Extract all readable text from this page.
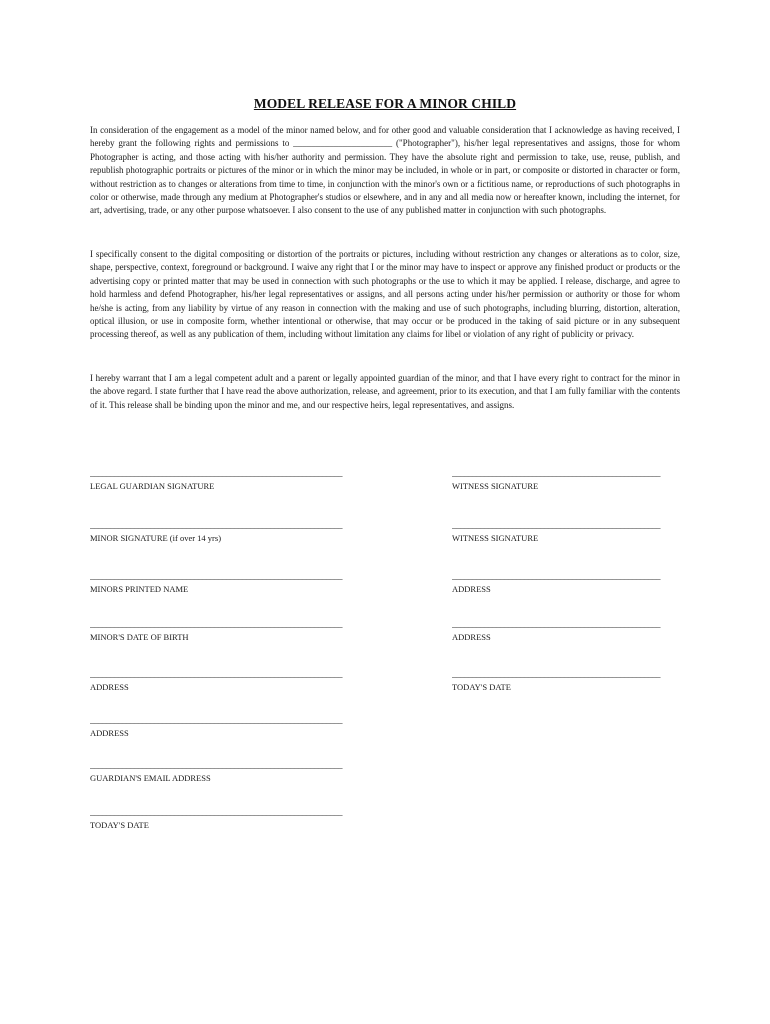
MODEL RELEASE FOR A MINOR CHILD

In consideration of the engagement as a model of the minor named below, and for other good and valuable consideration that I acknowledge as having received, I hereby grant the following rights and permissions to ______________________ ("Photographer"), his/her legal representatives and assigns, those for whom Photographer is acting, and those acting with his/her authority and permission. They have the absolute right and permission to take, use, reuse, publish, and republish photographic portraits or pictures of the minor or in which the minor may be included, in whole or in part, or composite or distorted in character or form, without restriction as to changes or alterations from time to time, in conjunction with the minor's own or a fictitious name, or reproductions of such photographs in color or otherwise, made through any medium at Photographer's studios or elsewhere, and in any and all media now or hereafter known, including the internet, for art, advertising, trade, or any other purpose whatsoever. I also consent to the use of any published matter in conjunction with such photographs.

I specifically consent to the digital compositing or distortion of the portraits or pictures, including without restriction any changes or alterations as to color, size, shape, perspective, context, foreground or background. I waive any right that I or the minor may have to inspect or approve any finished product or products or the advertising copy or printed matter that may be used in connection with such photographs or the use to which it may be applied. I release, discharge, and agree to hold harmless and defend Photographer, his/her legal representatives or assigns, and all persons acting under his/her permission or authority or those for whom he/she is acting, from any liability by virtue of any reason in connection with the making and use of such photographs, including blurring, distortion, alteration, optical illusion, or use in composite form, whether intentional or otherwise, that may occur or be produced in the taking of said picture or in any subsequent processing thereof, as well as any publication of them, including without limitation any claims for libel or violation of any right of publicity or privacy.

I hereby warrant that I am a legal competent adult and a parent or legally appointed guardian of the minor, and that I have every right to contract for the minor in the above regard. I state further that I have read the above authorization, release, and agreement, prior to its execution, and that I am fully familiar with the contents of it. This release shall be binding upon the minor and me, and our respective heirs, legal representatives, and assigns.

_______________________________________________________________
LEGAL GUARDIAN SIGNATURE
_______________________________________________________________
MINOR SIGNATURE (if over 14 yrs)
_______________________________________________________________
MINORS PRINTED NAME
_______________________________________________________________
MINOR'S DATE OF BIRTH
_______________________________________________________________
ADDRESS
_______________________________________________________________
ADDRESS
_______________________________________________________________
GUARDIAN'S EMAIL ADDRESS
_______________________________________________________________
TODAY'S DATE
____________________________________________________
WITNESS SIGNATURE
____________________________________________________
WITNESS SIGNATURE
____________________________________________________
ADDRESS
____________________________________________________
ADDRESS
____________________________________________________
TODAY'S DATE
